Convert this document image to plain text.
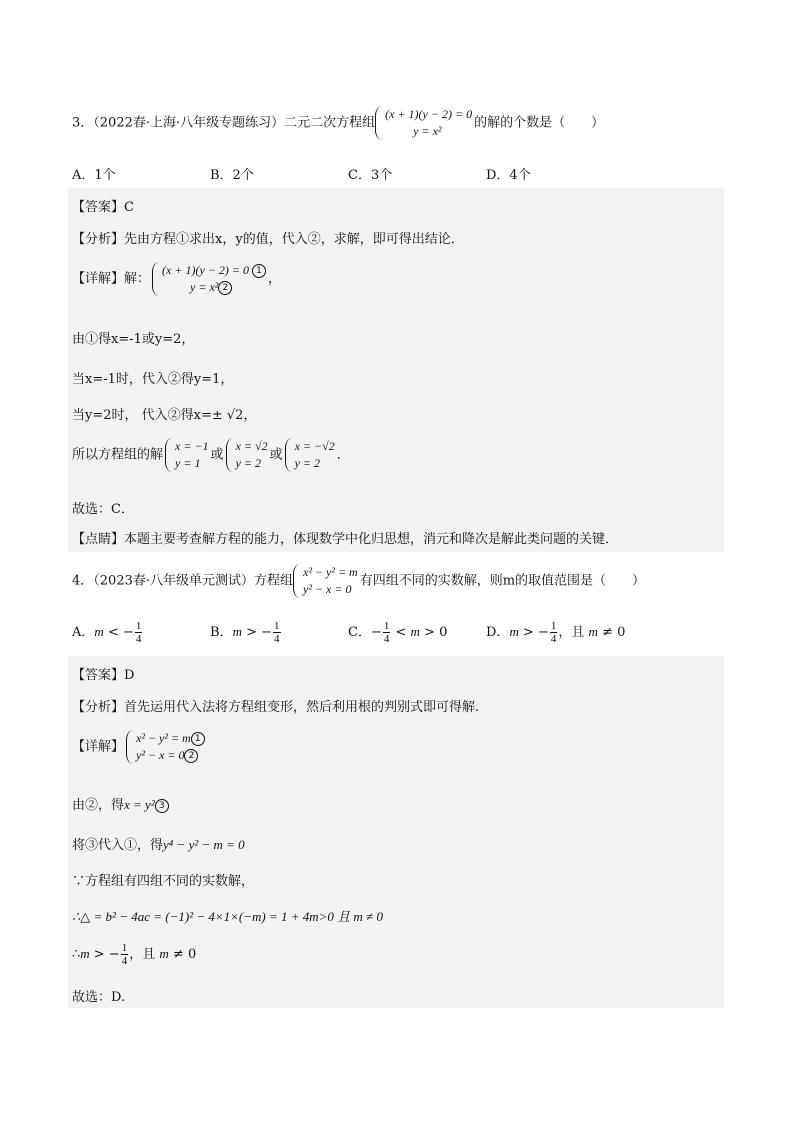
3．（2022春·上海·八年级专题练习）二元二次方程组
(x + 1)(y − 2) = 0
y = x²
的解的个数是（　　）
A．1个	B．2个	C．3个	D．4个
【答案】C
【分析】先由方程①求出x，y的值，代入②，求解，即可得出结论．
【详解】解：
(x + 1)(y − 2) = 0 1
y = x² 2
，
由①得x=-1或y=2，
当x=-1时，代入②得y=1，
当y=2时， 代入②得x=± √2，
所以方程组的解
x = −1
y = 1
或
x = √2
y = 2
或
x = −√2
y = 2
．
故选：C．
【点睛】本题主要考查解方程的能力，体现数学中化归思想，消元和降次是解此类问题的关键．
4．（2023春·八年级单元测试）方程组
x² − y² = m
y² − x = 0
有四组不同的实数解，则m的取值范围是（　　）
A．m < − $\frac{1}{4}$	B．m > − $\frac{1}{4}$	C．− $\frac{1}{4} < m > 0$	D．m > − $\frac{1}{4}$ ，且 m ≠ 0
【答案】D
【分析】首先运用代入法将方程组变形，然后利用根的判别式即可得解.
【详解】
x² − y² = m 1
y² − x = 0 2
由②，得x = y² 3
将③代入①，得y⁴ − y² − m = 0
∵方程组有四组不同的实数解，
∴△ = b² − 4ac = (−1)² − 4×1×(−m) = 1 + 4m>0 且 m ≠ 0
∴m > − $\frac{1}{4}$ ，且 m ≠ 0
故选：D.
